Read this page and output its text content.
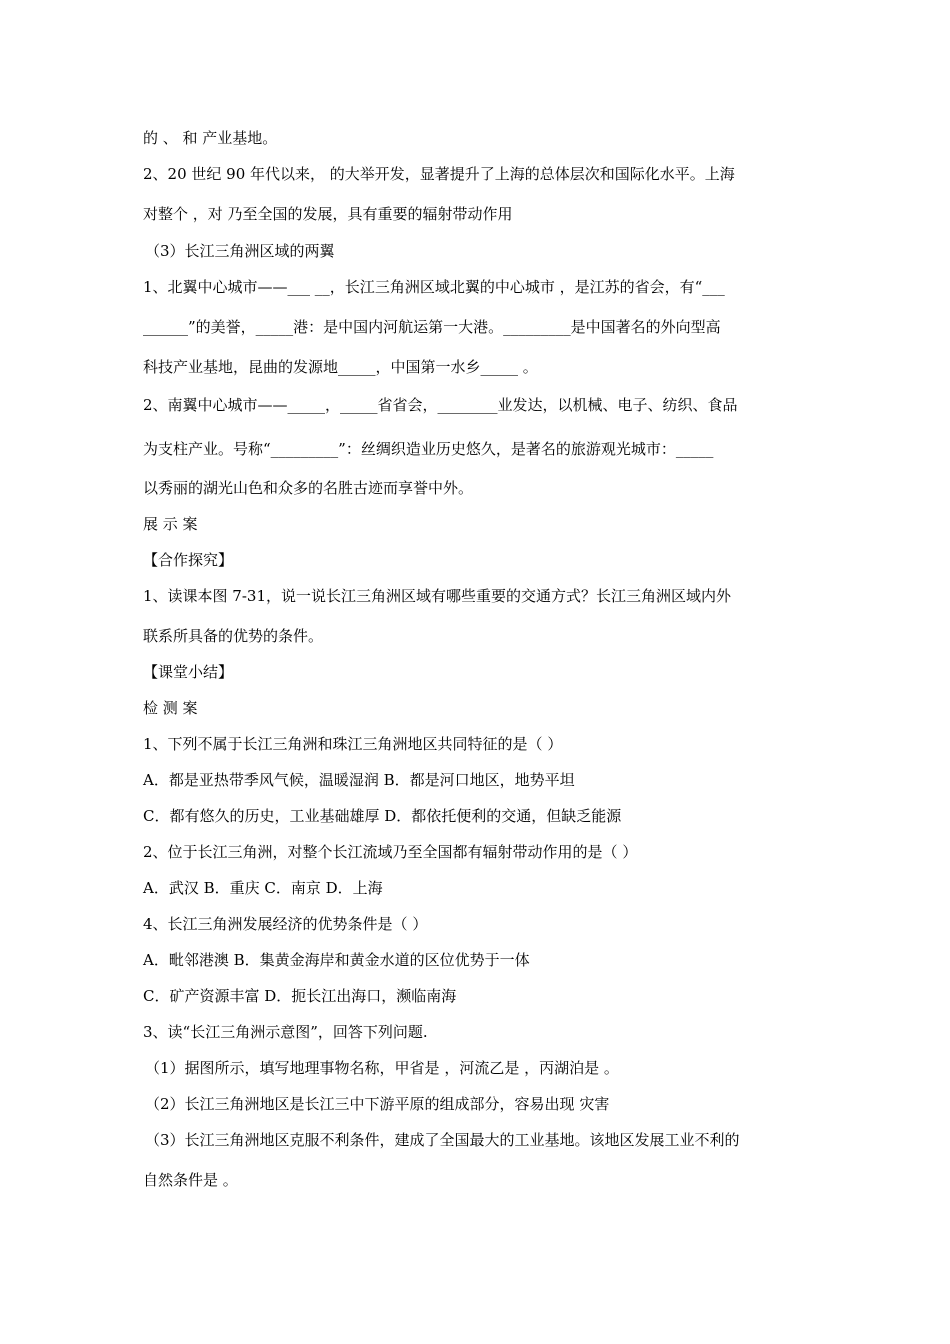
的 、 和 产业基地。
2、20 世纪 90 年代以来， 的大举开发，显著提升了上海的总体层次和国际化水平。上海
对整个 ，对 乃至全国的发展，具有重要的辐射带动作用
（3）长江三角洲区域的两翼
1、北翼中心城市——___ __，长江三角洲区域北翼的中心城市 ，是江苏的省会，有“___
______”的美誉，_____港：是中国内河航运第一大港。_________是中国著名的外向型高
科技产业基地，昆曲的发源地_____，中国第一水乡_____ 。
2、南翼中心城市——_____，_____省省会，________业发达，以机械、电子、纺织、食品
为支柱产业。号称“_________”：丝绸织造业历史悠久，是著名的旅游观光城市：_____
以秀丽的湖光山色和众多的名胜古迹而享誉中外。
展 示 案
【合作探究】
1、读课本图 7-31，说一说长江三角洲区域有哪些重要的交通方式？长江三角洲区域内外
联系所具备的优势的条件。
【课堂小结】
检 测 案
1、下列不属于长江三角洲和珠江三角洲地区共同特征的是（ ）
A．都是亚热带季风气候，温暖湿润 B．都是河口地区，地势平坦
C．都有悠久的历史，工业基础雄厚 D．都依托便利的交通，但缺乏能源
2、位于长江三角洲，对整个长江流域乃至全国都有辐射带动作用的是（ ）
A．武汉 B．重庆 C．南京 D．上海
4、长江三角洲发展经济的优势条件是（ ）
A．毗邻港澳 B．集黄金海岸和黄金水道的区位优势于一体
C．矿产资源丰富 D．扼长江出海口，濒临南海
3、读“长江三角洲示意图”，回答下列问题.
（1）据图所示，填写地理事物名称，甲省是 ，河流乙是 ，丙湖泊是 。
（2）长江三角洲地区是长江三中下游平原的组成部分，容易出现 灾害
（3）长江三角洲地区克服不利条件，建成了全国最大的工业基地。该地区发展工业不利的
自然条件是 。
